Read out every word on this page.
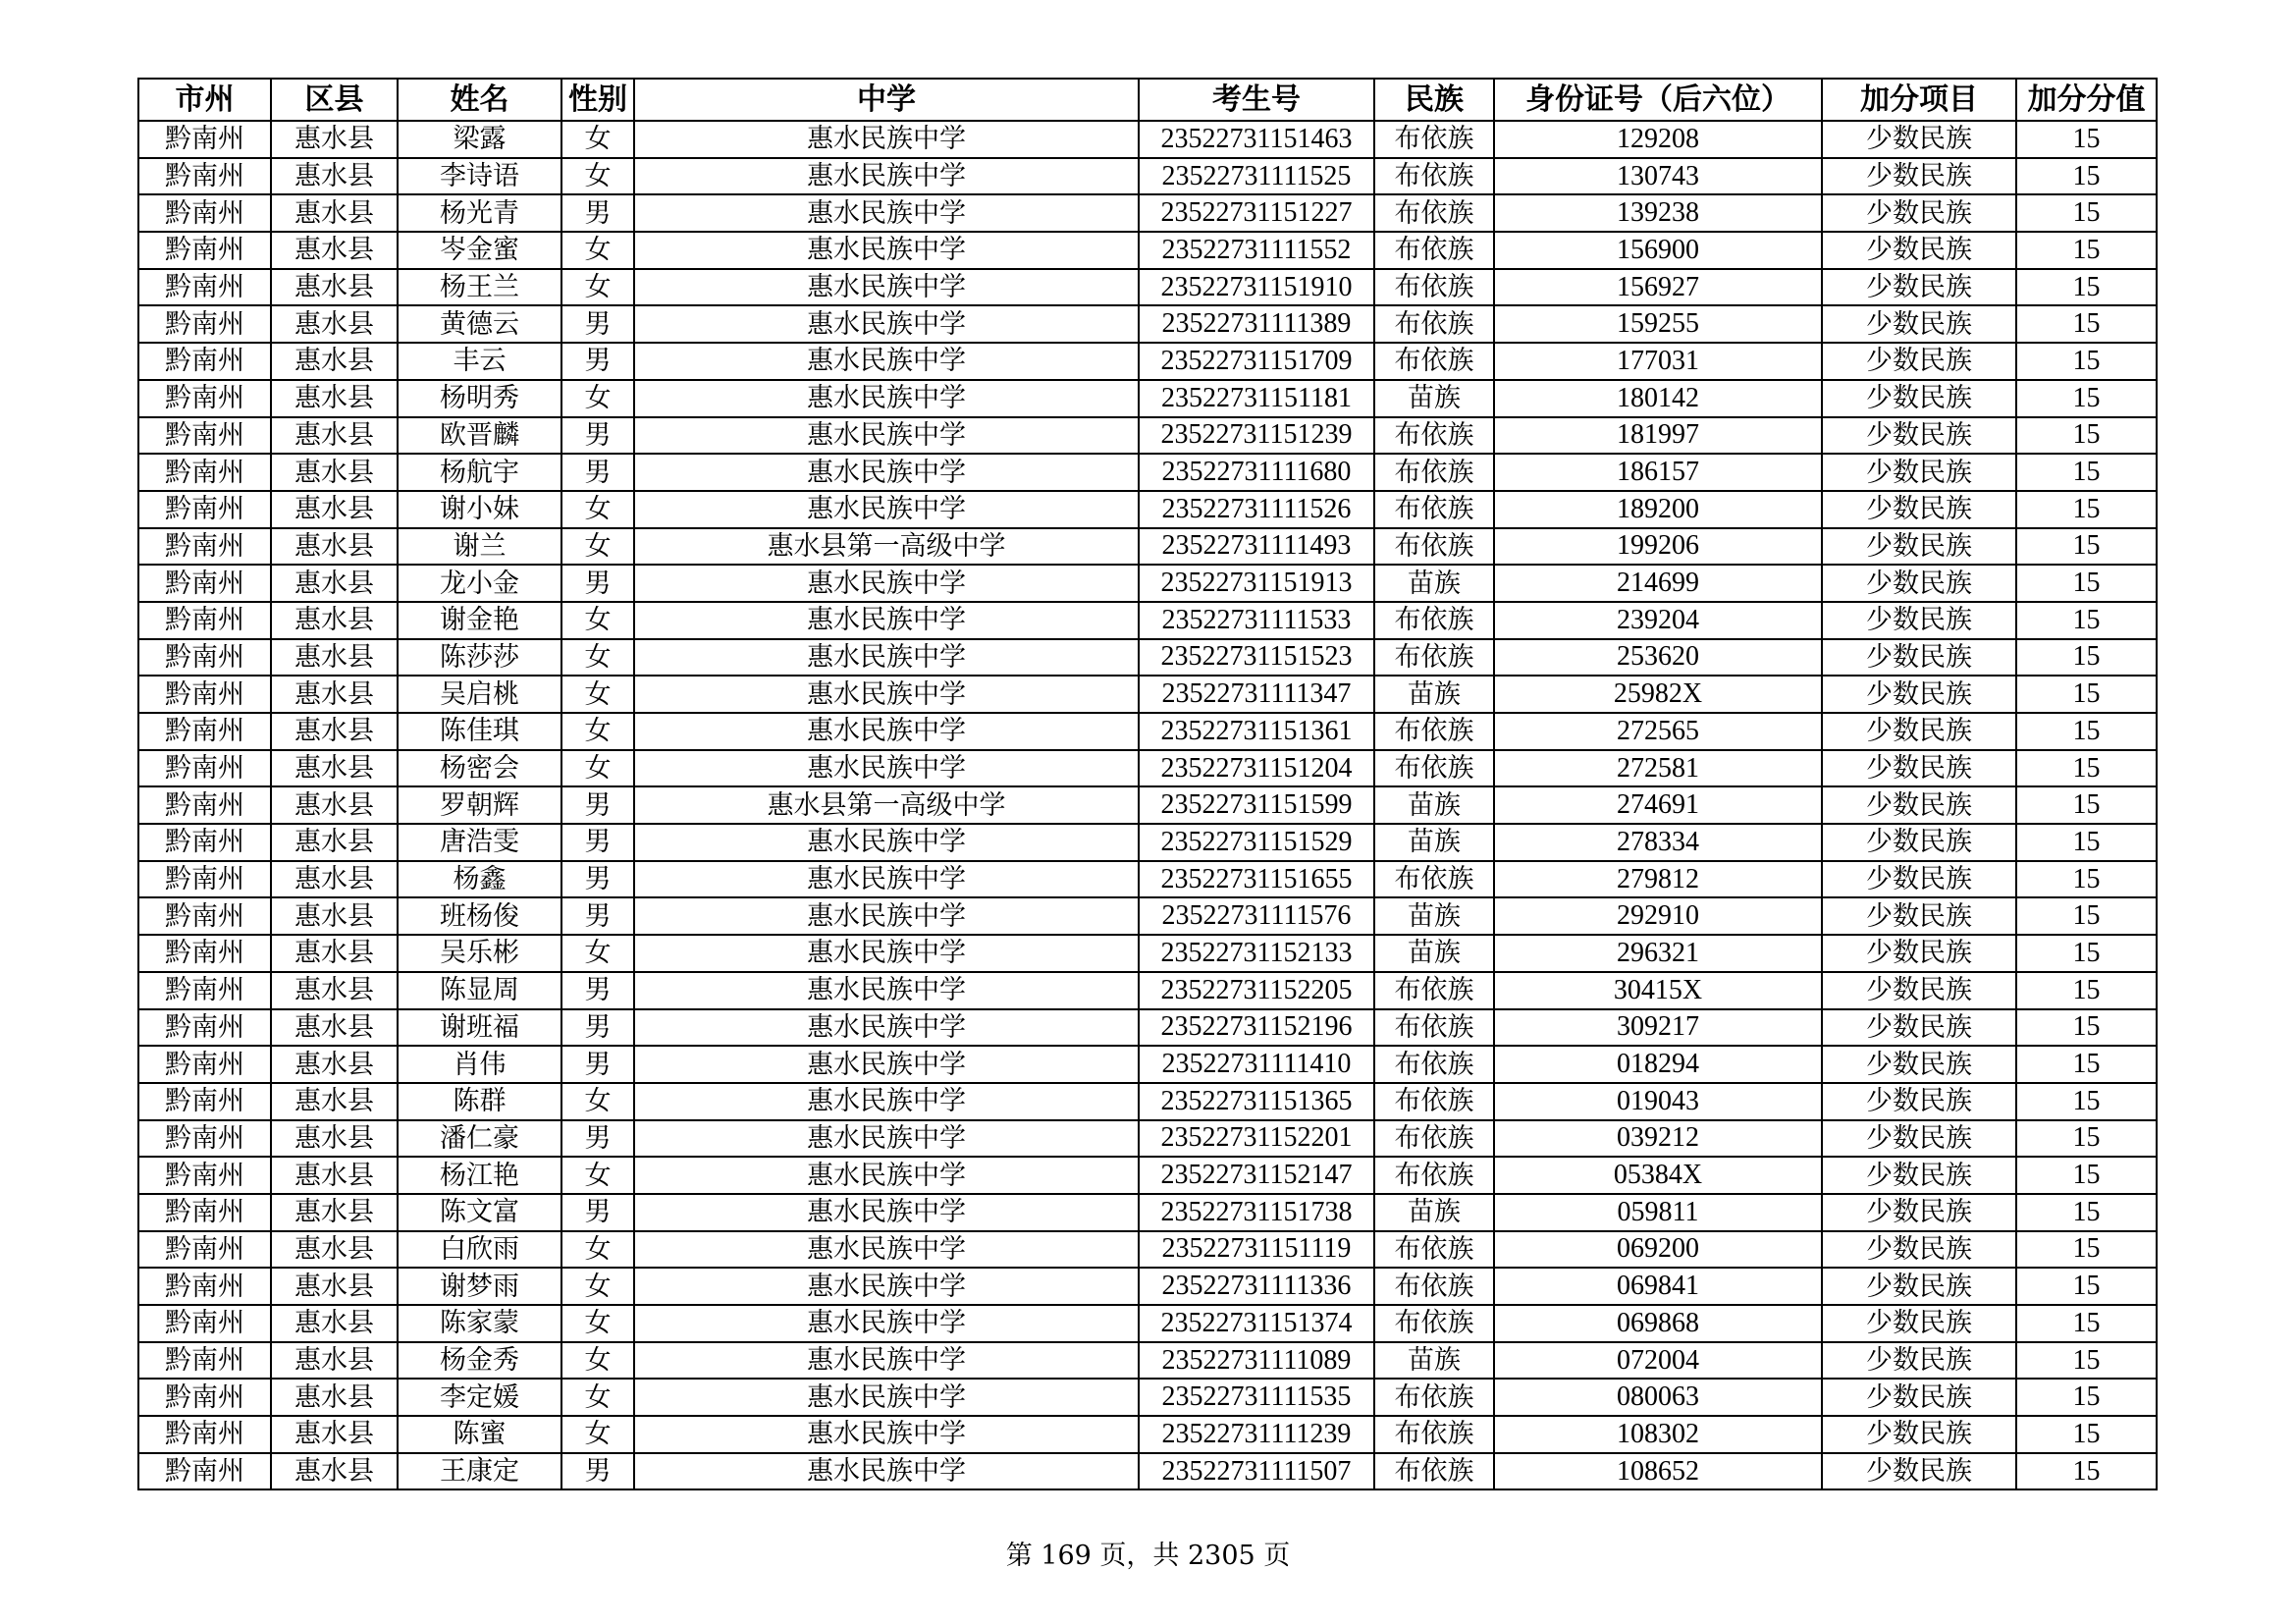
市州	区县	姓名	性别	中学	考生号	民族	身份证号（后六位）	加分项目	加分分值
黔南州	惠水县	梁露	女	惠水民族中学	23522731151463	布依族	129208	少数民族	15
黔南州	惠水县	李诗语	女	惠水民族中学	23522731111525	布依族	130743	少数民族	15
黔南州	惠水县	杨光青	男	惠水民族中学	23522731151227	布依族	139238	少数民族	15
黔南州	惠水县	岑金蜜	女	惠水民族中学	23522731111552	布依族	156900	少数民族	15
黔南州	惠水县	杨王兰	女	惠水民族中学	23522731151910	布依族	156927	少数民族	15
黔南州	惠水县	黄德云	男	惠水民族中学	23522731111389	布依族	159255	少数民族	15
黔南州	惠水县	丰云	男	惠水民族中学	23522731151709	布依族	177031	少数民族	15
黔南州	惠水县	杨明秀	女	惠水民族中学	23522731151181	苗族	180142	少数民族	15
黔南州	惠水县	欧晋麟	男	惠水民族中学	23522731151239	布依族	181997	少数民族	15
黔南州	惠水县	杨航宇	男	惠水民族中学	23522731111680	布依族	186157	少数民族	15
黔南州	惠水县	谢小妹	女	惠水民族中学	23522731111526	布依族	189200	少数民族	15
黔南州	惠水县	谢兰	女	惠水县第一高级中学	23522731111493	布依族	199206	少数民族	15
黔南州	惠水县	龙小金	男	惠水民族中学	23522731151913	苗族	214699	少数民族	15
黔南州	惠水县	谢金艳	女	惠水民族中学	23522731111533	布依族	239204	少数民族	15
黔南州	惠水县	陈莎莎	女	惠水民族中学	23522731151523	布依族	253620	少数民族	15
黔南州	惠水县	吴启桃	女	惠水民族中学	23522731111347	苗族	25982X	少数民族	15
黔南州	惠水县	陈佳琪	女	惠水民族中学	23522731151361	布依族	272565	少数民族	15
黔南州	惠水县	杨密会	女	惠水民族中学	23522731151204	布依族	272581	少数民族	15
黔南州	惠水县	罗朝辉	男	惠水县第一高级中学	23522731151599	苗族	274691	少数民族	15
黔南州	惠水县	唐浩雯	男	惠水民族中学	23522731151529	苗族	278334	少数民族	15
黔南州	惠水县	杨鑫	男	惠水民族中学	23522731151655	布依族	279812	少数民族	15
黔南州	惠水县	班杨俊	男	惠水民族中学	23522731111576	苗族	292910	少数民族	15
黔南州	惠水县	吴乐彬	女	惠水民族中学	23522731152133	苗族	296321	少数民族	15
黔南州	惠水县	陈显周	男	惠水民族中学	23522731152205	布依族	30415X	少数民族	15
黔南州	惠水县	谢班福	男	惠水民族中学	23522731152196	布依族	309217	少数民族	15
黔南州	惠水县	肖伟	男	惠水民族中学	23522731111410	布依族	018294	少数民族	15
黔南州	惠水县	陈群	女	惠水民族中学	23522731151365	布依族	019043	少数民族	15
黔南州	惠水县	潘仁豪	男	惠水民族中学	23522731152201	布依族	039212	少数民族	15
黔南州	惠水县	杨江艳	女	惠水民族中学	23522731152147	布依族	05384X	少数民族	15
黔南州	惠水县	陈文富	男	惠水民族中学	23522731151738	苗族	059811	少数民族	15
黔南州	惠水县	白欣雨	女	惠水民族中学	23522731151119	布依族	069200	少数民族	15
黔南州	惠水县	谢梦雨	女	惠水民族中学	23522731111336	布依族	069841	少数民族	15
黔南州	惠水县	陈家蒙	女	惠水民族中学	23522731151374	布依族	069868	少数民族	15
黔南州	惠水县	杨金秀	女	惠水民族中学	23522731111089	苗族	072004	少数民族	15
黔南州	惠水县	李定媛	女	惠水民族中学	23522731111535	布依族	080063	少数民族	15
黔南州	惠水县	陈蜜	女	惠水民族中学	23522731111239	布依族	108302	少数民族	15
黔南州	惠水县	王康定	男	惠水民族中学	23522731111507	布依族	108652	少数民族	15
第 169 页，共 2305 页
